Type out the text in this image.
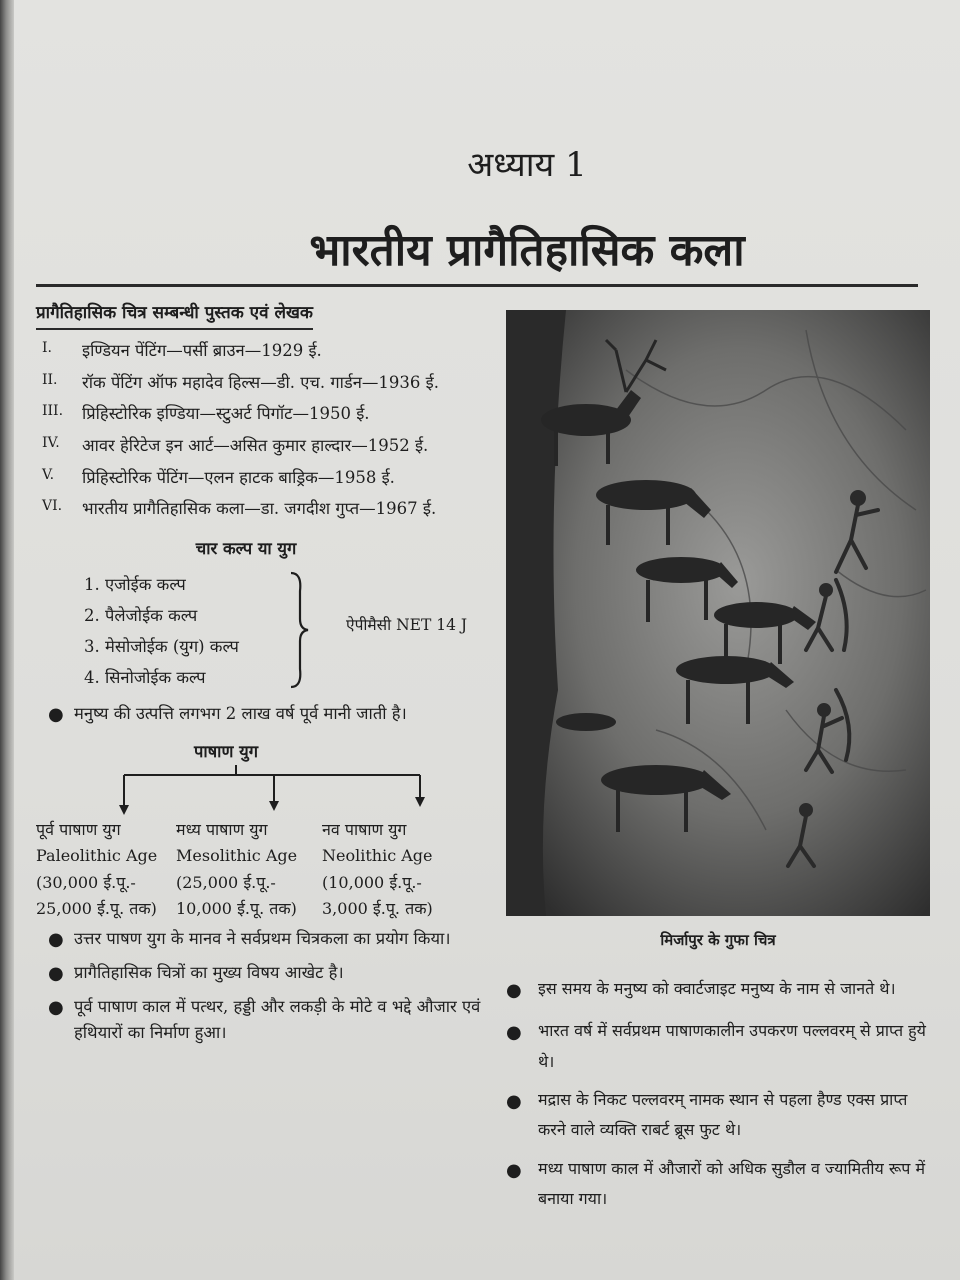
अध्याय 1
भारतीय प्रागैतिहासिक कला
प्रागैतिहासिक चित्र सम्बन्धी पुस्तक एवं लेखक
I.	इण्डियन पेंटिंग—पर्सी ब्राउन—1929 ई.
II.	रॉक पेंटिंग ऑफ महादेव हिल्स—डी. एच. गार्डन—1936 ई.
III.	प्रिहिस्टोरिक इण्डिया—स्टुअर्ट पिगॉट—1950 ई.
IV.	आवर हेरिटेज इन आर्ट—असित कुमार हाल्दार—1952 ई.
V.	प्रिहिस्टोरिक पेंटिंग—एलन हाटक बाड्रिक—1958 ई.
VI.	भारतीय प्रागैतिहासिक कला—डा. जगदीश गुप्त—1967 ई.
चार कल्प या युग
1. एजोईक कल्प
2. पैलेजोईक कल्प
3. मेसोजोईक (युग) कल्प
4. सिनोजोईक कल्प
ऐपीमैसी NET 14 J
● मनुष्य की उत्पत्ति लगभग 2 लाख वर्ष पूर्व मानी जाती है।
पाषाण युग
पूर्व पाषाण युग
Paleolithic Age
(30,000 ई.पू.-
25,000 ई.पू. तक)
मध्य पाषाण युग
Mesolithic Age
(25,000 ई.पू.-
10,000 ई.पू. तक)
नव पाषाण युग
Neolithic Age
(10,000 ई.पू.-
3,000 ई.पू. तक)
● उत्तर पाषण युग के मानव ने सर्वप्रथम चित्रकला का प्रयोग किया।
● प्रागैतिहासिक चित्रों का मुख्य विषय आखेट है।
● पूर्व पाषाण काल में पत्थर, हड्डी और लकड़ी के मोटे व भद्दे औजार एवं हथियारों का निर्माण हुआ।
मिर्जापुर के गुफा चित्र
●	इस समय के मनुष्य को क्वार्टजाइट मनुष्य के नाम से जानते थे।
●	भारत वर्ष में सर्वप्रथम पाषाणकालीन उपकरण पल्लवरम् से प्राप्त हुये थे।
●	मद्रास के निकट पल्लवरम् नामक स्थान से पहला हैण्ड एक्स प्राप्त करने वाले व्यक्ति राबर्ट ब्रूस फुट थे।
●	मध्य पाषाण काल में औजारों को अधिक सुडौल व ज्यामितीय रूप में बनाया गया।
